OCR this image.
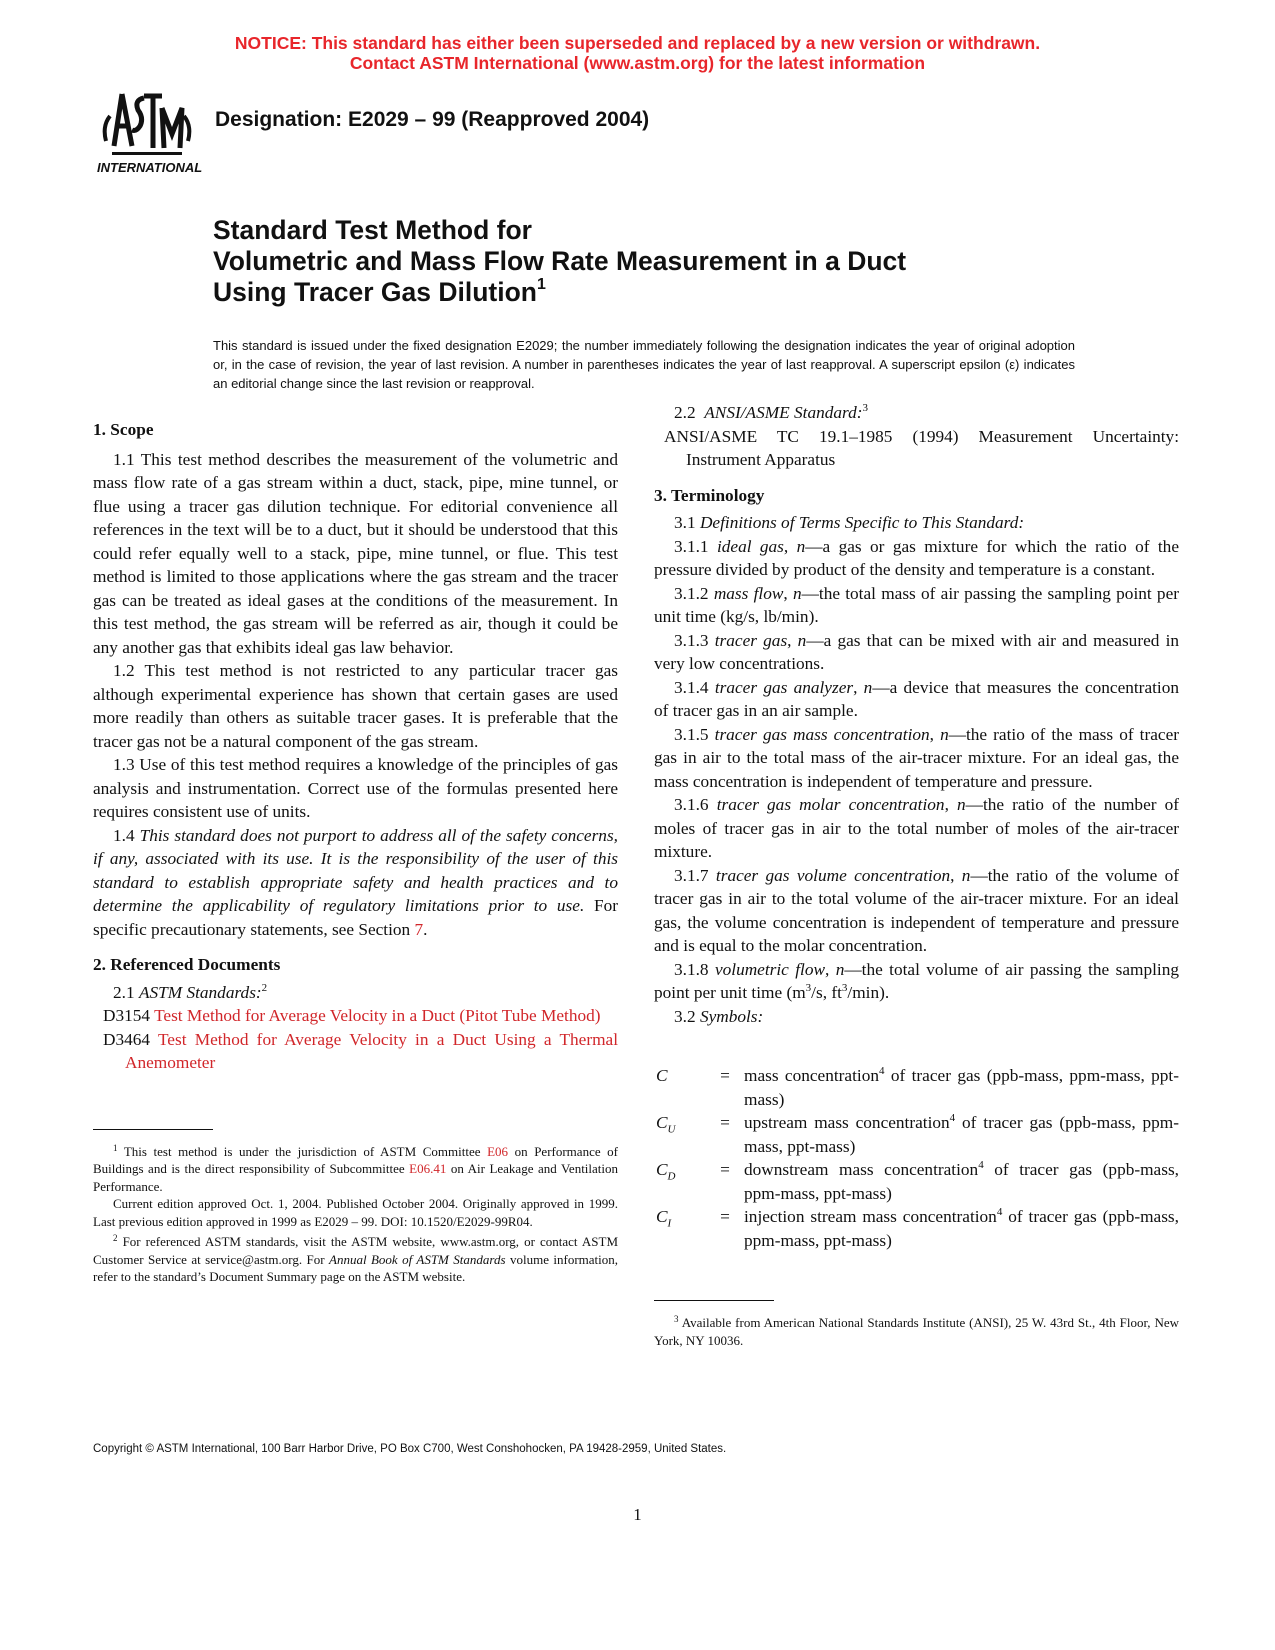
NOTICE: This standard has either been superseded and replaced by a new version or withdrawn.
Contact ASTM International (www.astm.org) for the latest information
INTERNATIONAL
Designation: E2029 – 99 (Reapproved 2004)
Standard Test Method for
Volumetric and Mass Flow Rate Measurement in a Duct
Using Tracer Gas Dilution$^1$
This standard is issued under the fixed designation E2029; the number immediately following the designation indicates the year of original adoption or, in the case of revision, the year of last revision. A number in parentheses indicates the year of last reapproval. A superscript epsilon (ε) indicates an editorial change since the last revision or reapproval.
1. Scope

1.1 This test method describes the measurement of the volumetric and mass flow rate of a gas stream within a duct, stack, pipe, mine tunnel, or flue using a tracer gas dilution technique. For editorial convenience all references in the text will be to a duct, but it should be understood that this could refer equally well to a stack, pipe, mine tunnel, or flue. This test method is limited to those applications where the gas stream and the tracer gas can be treated as ideal gases at the conditions of the measurement. In this test method, the gas stream will be referred as air, though it could be any another gas that exhibits ideal gas law behavior.

1.2 This test method is not restricted to any particular tracer gas although experimental experience has shown that certain gases are used more readily than others as suitable tracer gases. It is preferable that the tracer gas not be a natural component of the gas stream.

1.3 Use of this test method requires a knowledge of the principles of gas analysis and instrumentation. Correct use of the formulas presented here requires consistent use of units.

1.4 This standard does not purport to address all of the safety concerns, if any, associated with its use. It is the responsibility of the user of this standard to establish appropriate safety and health practices and to determine the applicability of regulatory limitations prior to use. For specific precautionary statements, see Section 7.

2. Referenced Documents

2.1 ASTM Standards:$^2$

D3154 Test Method for Average Velocity in a Duct (Pitot Tube Method)

D3464 Test Method for Average Velocity in a Duct Using a Thermal Anemometer

$^1$ This test method is under the jurisdiction of ASTM Committee E06 on Performance of Buildings and is the direct responsibility of Subcommittee E06.41 on Air Leakage and Ventilation Performance.

Current edition approved Oct. 1, 2004. Published October 2004. Originally approved in 1999. Last previous edition approved in 1999 as E2029 – 99. DOI: 10.1520/E2029-99R04.

$^2$ For referenced ASTM standards, visit the ASTM website, www.astm.org, or contact ASTM Customer Service at service@astm.org. For Annual Book of ASTM Standards volume information, refer to the standard’s Document Summary page on the ASTM website.

2.2 ANSI/ASME Standard:$^3$

ANSI/ASME TC 19.1–1985 (1994) Measurement Uncertainty: Instrument Apparatus

3. Terminology

3.1 Definitions of Terms Specific to This Standard:

3.1.1 ideal gas, n—a gas or gas mixture for which the ratio of the pressure divided by product of the density and temperature is a constant.

3.1.2 mass flow, n—the total mass of air passing the sampling point per unit time (kg/s, lb/min).

3.1.3 tracer gas, n—a gas that can be mixed with air and measured in very low concentrations.

3.1.4 tracer gas analyzer, n—a device that measures the concentration of tracer gas in an air sample.

3.1.5 tracer gas mass concentration, n—the ratio of the mass of tracer gas in air to the total mass of the air-tracer mixture. For an ideal gas, the mass concentration is independent of temperature and pressure.

3.1.6 tracer gas molar concentration, n—the ratio of the number of moles of tracer gas in air to the total number of moles of the air-tracer mixture.

3.1.7 tracer gas volume concentration, n—the ratio of the volume of tracer gas in air to the total volume of the air-tracer mixture. For an ideal gas, the volume concentration is independent of temperature and pressure and is equal to the molar concentration.

3.1.8 volumetric flow, n—the total volume of air passing the sampling point per unit time ($m^3/s$, $ft^3/\min$).

3.2 Symbols:

C	= mass concentration$^4$ of tracer gas (ppb-mass, ppm-mass, ppt-mass)
$C_U$	= upstream mass concentration$^4$ of tracer gas (ppb-mass, ppm-mass, ppt-mass)
$C_D$	= downstream mass concentration$^4$ of tracer gas (ppb-mass, ppm-mass, ppt-mass)
$C_I$	= injection stream mass concentration$^4$ of tracer gas (ppb-mass, ppm-mass, ppt-mass)

$^3$ Available from American National Standards Institute (ANSI), 25 W. 43rd St., 4th Floor, New York, NY 10036.

Copyright © ASTM International, 100 Barr Harbor Drive, PO Box C700, West Conshohocken, PA 19428-2959, United States.
1
